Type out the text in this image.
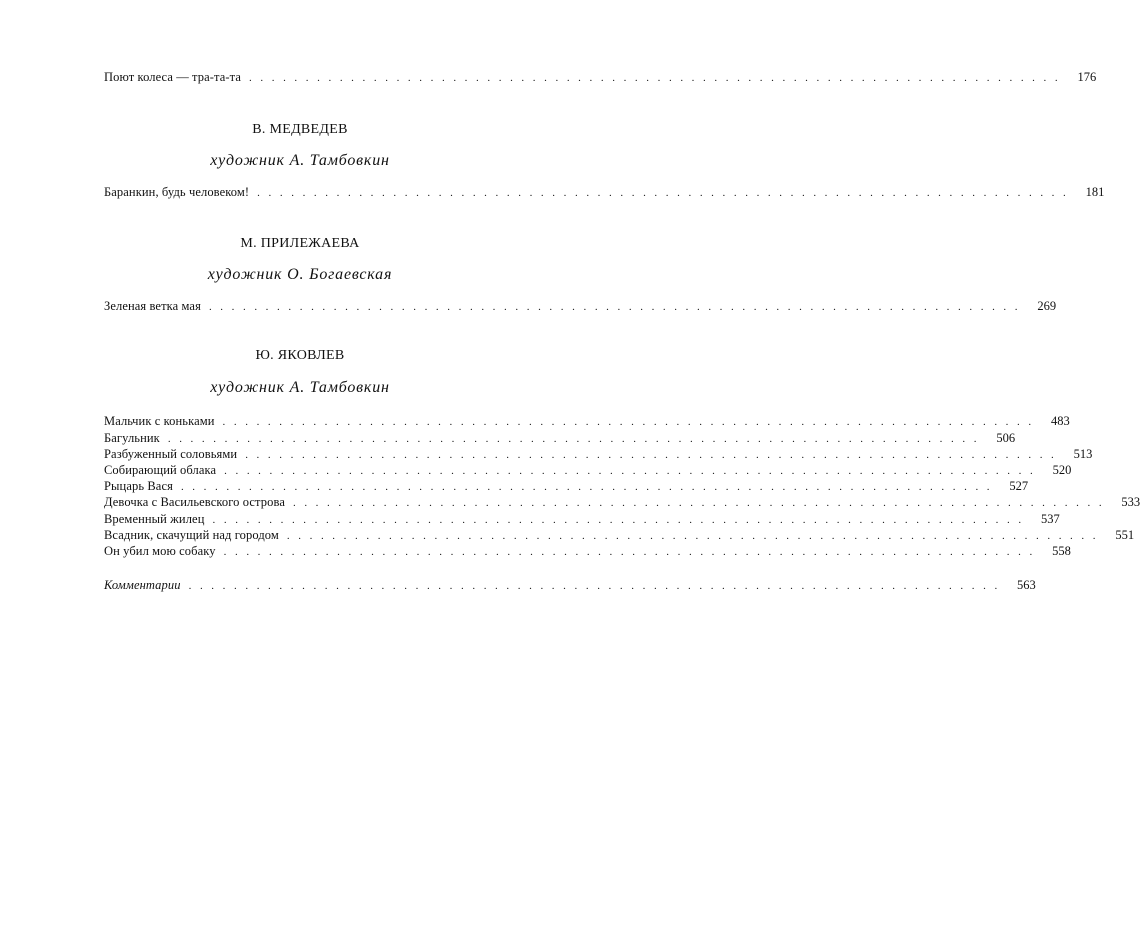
Поют колеса — тра-та-та ........................................................................ 176
В. МЕДВЕДЕВ
художник А. Тамбовкин
Баранкин, будь человеком! ........................................................................ 181
М. ПРИЛЕЖАЕВА
художник О. Богаевская
Зеленая ветка мая ........................................................................ 269
Ю. ЯКОВЛЕВ
художник А. Тамбовкин
Мальчик с коньками ........................................................................ 483
Багульник ........................................................................ 506
Разбуженный соловьями ........................................................................ 513
Собирающий облака ........................................................................ 520
Рыцарь Вася ........................................................................ 527
Девочка с Васильевского острова ........................................................................ 533
Временный жилец ........................................................................ 537
Всадник, скачущий над городом ........................................................................ 551
Он убил мою собаку ........................................................................ 558
Комментарии ........................................................................ 563
